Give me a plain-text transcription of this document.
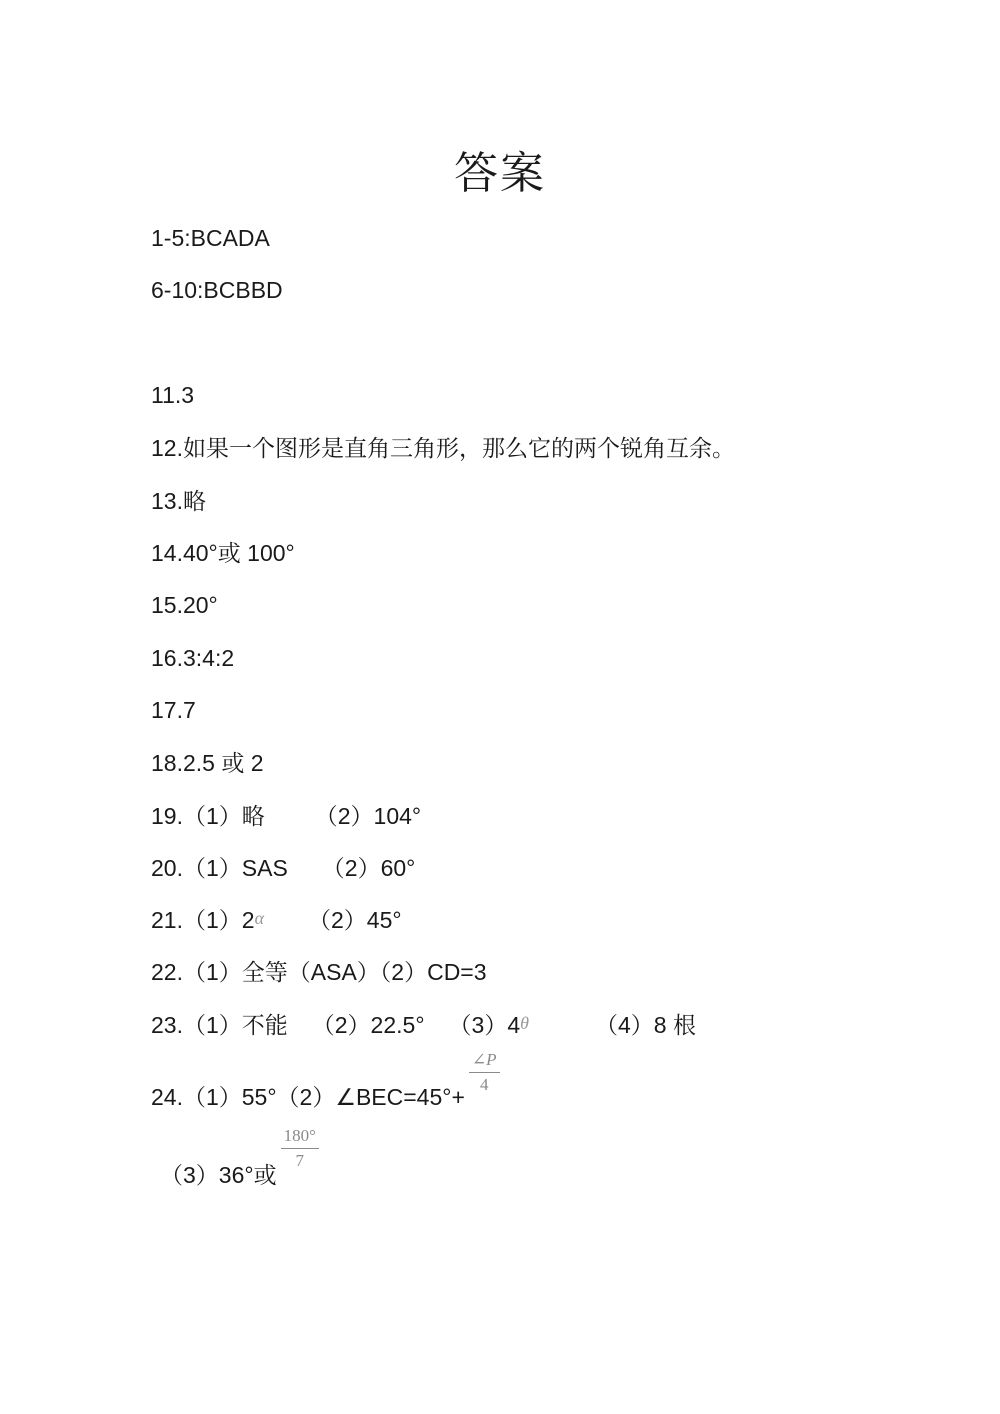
答案
1-5:BCADA
6-10:BCBBD
11.3
12.如果一个图形是直角三角形，那么它的两个锐角互余。
13.略
14.40°或 100°
15.20°
16.3:4:2
17.7
18.2.5 或 2
19.（1）略 （2）104°
20.（1）SAS （2）60°
21.（1）2α （2）45°
22.（1）全等（ASA）（2）CD=3
23.（1）不能 （2）22.5° （3）4θ	（4）8 根
24.（1）55°（2）∠BEC=45°+
$\frac{\angle P}{4}$
（3）36°或
$\frac{180^\circ}{7}$
